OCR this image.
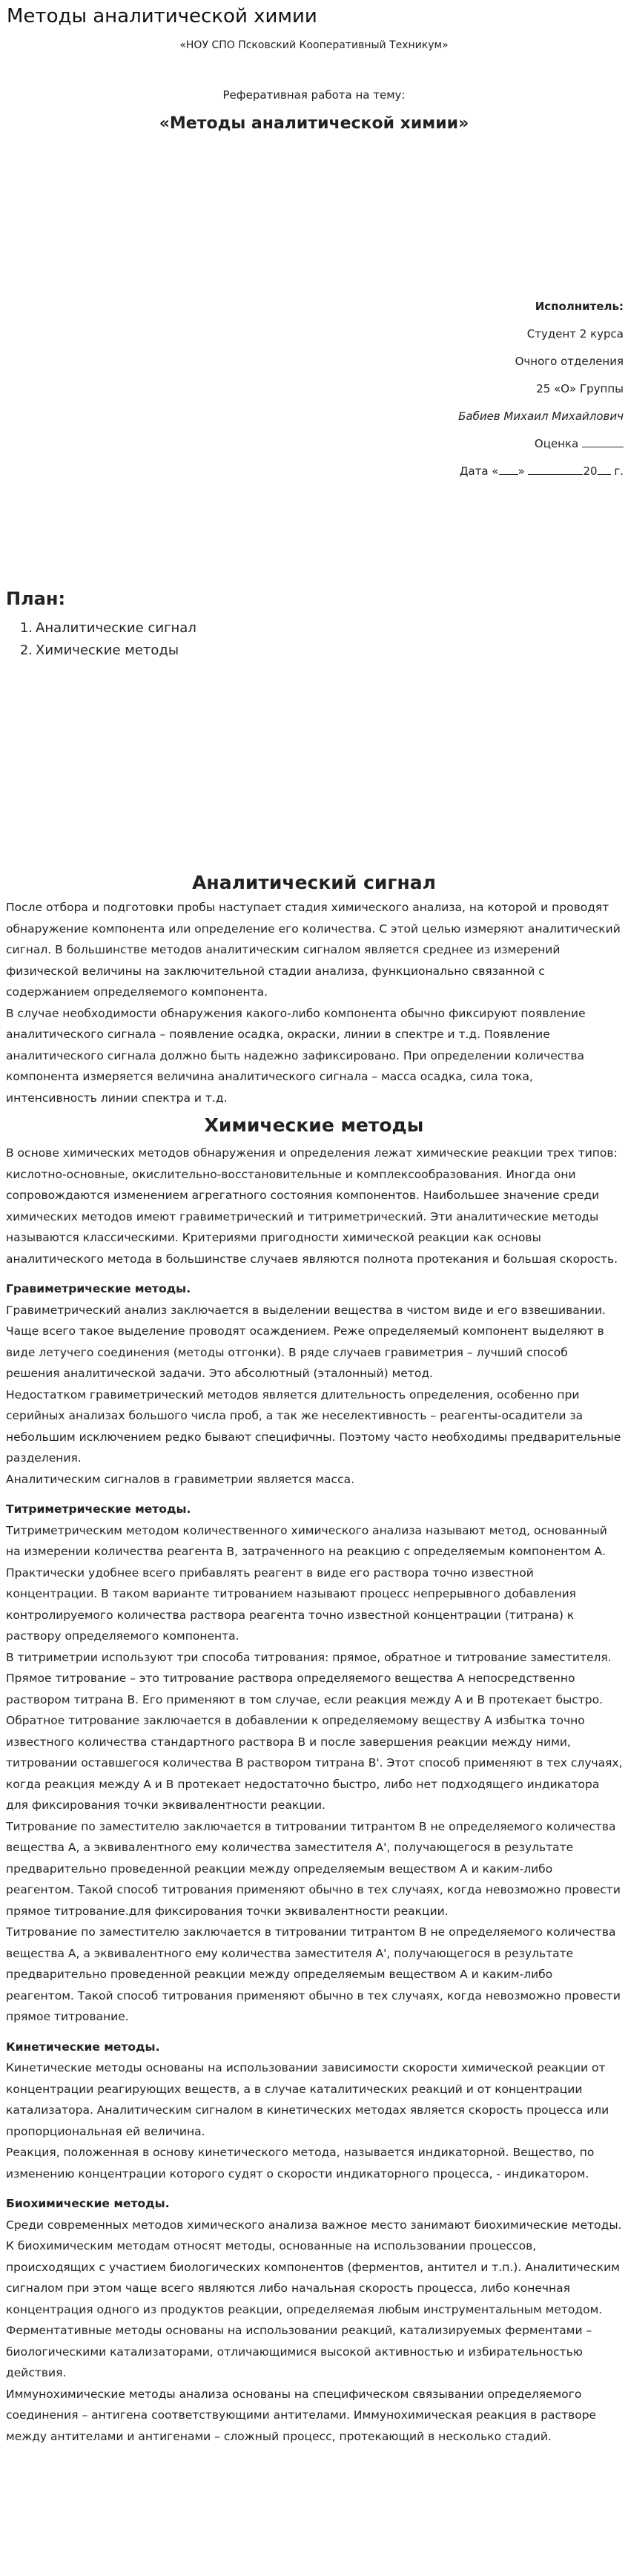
Методы аналитической химии
«НОУ СПО Псковский Кооперативный Техникум»
Реферативная работа на тему:
«Методы аналитической химии»
Исполнитель:
Студент 2 курса
Очного отделения
25 «О» Группы
Бабиев Михаил Михайлович
Оценка
Дата « »	20 г.
План:
1. Аналитические сигнал
2. Химические методы
Аналитический сигнал

После отбора и подготовки пробы наступает стадия химического анализа, на которой и проводят обнаружение компонента или определение его количества. С этой целью измеряют аналитический сигнал. В большинстве методов аналитическим сигналом является среднее из измерений физической величины на заключительной стадии анализа, функционально связанной с содержанием определяемого компонента.

В случае необходимости обнаружения какого-либо компонента обычно фиксируют появление аналитического сигнала – появление осадка, окраски, линии в спектре и т.д. Появление аналитического сигнала должно быть надежно зафиксировано. При определении количества компонента измеряется величина аналитического сигнала – масса осадка, сила тока, интенсивность линии спектра и т.д.

Химические методы

В основе химических методов обнаружения и определения лежат химические реакции трех типов: кислотно-основные, окислительно-восстановительные и комплексообразования. Иногда они сопровождаются изменением агрегатного состояния компонентов. Наибольшее значение среди химических методов имеют гравиметрический и титриметрический. Эти аналитические методы называются классическими. Критериями пригодности химической реакции как основы аналитического метода в большинстве случаев являются полнота протекания и большая скорость.

Гравиметрические методы.

Гравиметрический анализ заключается в выделении вещества в чистом виде и его взвешивании. Чаще всего такое выделение проводят осаждением. Реже определяемый компонент выделяют в виде летучего соединения (методы отгонки). В ряде случаев гравиметрия – лучший способ решения аналитической задачи. Это абсолютный (эталонный) метод.

Недостатком гравиметрический методов является длительность определения, особенно при серийных анализах большого числа проб, а так же неселективность – реагенты-осадители за небольшим исключением редко бывают специфичны. Поэтому часто необходимы предварительные разделения.

Аналитическим сигналов в гравиметрии является масса.

Титриметрические методы.

Титриметрическим методом количественного химического анализа называют метод, основанный на измерении количества реагента В, затраченного на реакцию с определяемым компонентом А. Практически удобнее всего прибавлять реагент в виде его раствора точно известной концентрации. В таком варианте титрованием называют процесс непрерывного добавления контролируемого количества раствора реагента точно известной концентрации (титрана) к раствору определяемого компонента.

В титриметрии используют три способа титрования: прямое, обратное и титрование заместителя.

Прямое титрование – это титрование раствора определяемого вещества А непосредственно раствором титрана В. Его применяют в том случае, если реакция между А и В протекает быстро.

Обратное титрование заключается в добавлении к определяемому веществу А избытка точно известного количества стандартного раствора В и после завершения реакции между ними, титровании оставшегося количества В раствором титрана В'. Этот способ применяют в тех случаях, когда реакция между А и В протекает недостаточно быстро, либо нет подходящего индикатора для фиксирования точки эквивалентности реакции.

Титрование по заместителю заключается в титровании титрантом В не определяемого количества вещества А, а эквивалентного ему количества заместителя A', получающегося в результате предварительно проведенной реакции между определяемым веществом А и каким-либо реагентом. Такой способ титрования применяют обычно в тех случаях, когда невозможно провести прямое титрование.для фиксирования точки эквивалентности реакции.

Титрование по заместителю заключается в титровании титрантом В не определяемого количества вещества А, а эквивалентного ему количества заместителя A', получающегося в результате предварительно проведенной реакции между определяемым веществом А и каким-либо реагентом. Такой способ титрования применяют обычно в тех случаях, когда невозможно провести прямое титрование.

Кинетические методы.

Кинетические методы основаны на использовании зависимости скорости химической реакции от концентрации реагирующих веществ, а в случае каталитических реакций и от концентрации катализатора. Аналитическим сигналом в кинетических методах является скорость процесса или пропорциональная ей величина.

Реакция, положенная в основу кинетического метода, называется индикаторной. Вещество, по изменению концентрации которого судят о скорости индикаторного процесса, - индикатором.

Биохимические методы.

Среди современных методов химического анализа важное место занимают биохимические методы. К биохимическим методам относят методы, основанные на использовании процессов, происходящих с участием биологических компонентов (ферментов, антител и т.п.). Аналитическим сигналом при этом чаще всего являются либо начальная скорость процесса, либо конечная концентрация одного из продуктов реакции, определяемая любым инструментальным методом.

Ферментативные методы основаны на использовании реакций, катализируемых ферментами – биологическими катализаторами, отличающимися высокой активностью и избирательностью действия.

Иммунохимические методы анализа основаны на специфическом связывании определяемого соединения – антигена соответствующими антителами. Иммунохимическая реакция в растворе между антителами и антигенами – сложный процесс, протекающий в несколько стадий.
